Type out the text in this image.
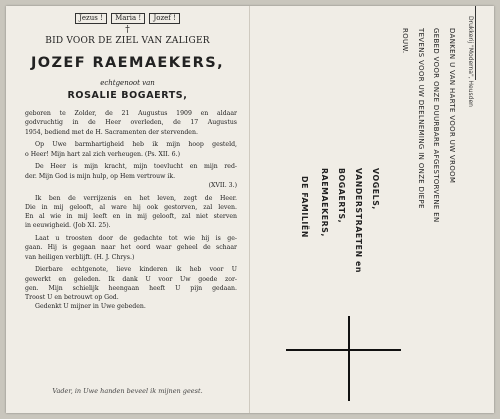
Jezus ! Maria ! Jozef !
†
BID VOOR DE ZIEL VAN ZALIGER
JOZEF RAEMAEKERS,
echtgenoot van
ROSALIE BOGAERTS,
geboren te Zolder, de 21 Augustus 1909 en aldaar
godvruchtig in de Heer overleden, de 17 Augustus
1954, bediend met de H. Sacramenten der stervenden.
Op Uwe barmhartigheid heb ik mijn hoop gesteld,
o Heer! Mijn hart zal zich verheugen. (Ps. XII. 6.)
De Heer is mijn kracht, mijn toevlucht en mijn red-
der. Mijn God is mijn hulp, op Hem vertrouw ik.
(XVII. 3.)
Ik ben de verrijzenis en het leven, zegt de Heer.
Die in mij gelooft, al ware hij ook gestorven, zal leven.
En al wie in mij leeft en in mij gelooft, zal niet sterven
in eeuwigheid. (Job XI. 25).
Laat u troosten door de gedachte tot wie hij is ge-
gaan. Hij is gegaan naar het oord waar geheel de schaar
van heiligen verblijft. (H. J. Chrys.)
Dierbare echtgenote, lieve kinderen ik heb voor U
gewerkt en geleden. Ik dank U voor Uw goede zor-
gen. Mijn schielijk heengaan heeft U pijn gedaan.
Troost U en betrouwt op God.
Gedenkt U mijner in Uwe gebeden.
Vader, in Uwe handen beveel ik mijnen geest.
Drukkerij "Moderna", Heusden
DANKEN U VAN HARTE VOOR UW VROOM
GEBED VOOR ONZE DUURBARE AFGESTORVENE EN
TEVENS VOOR UW DEELNEMING IN ONZE DIEPE
ROUW.
VOGELS,
VANDERSTRAETEN en
BOGAERTS,
RAEMAEKERS,
DE FAMILIËN
